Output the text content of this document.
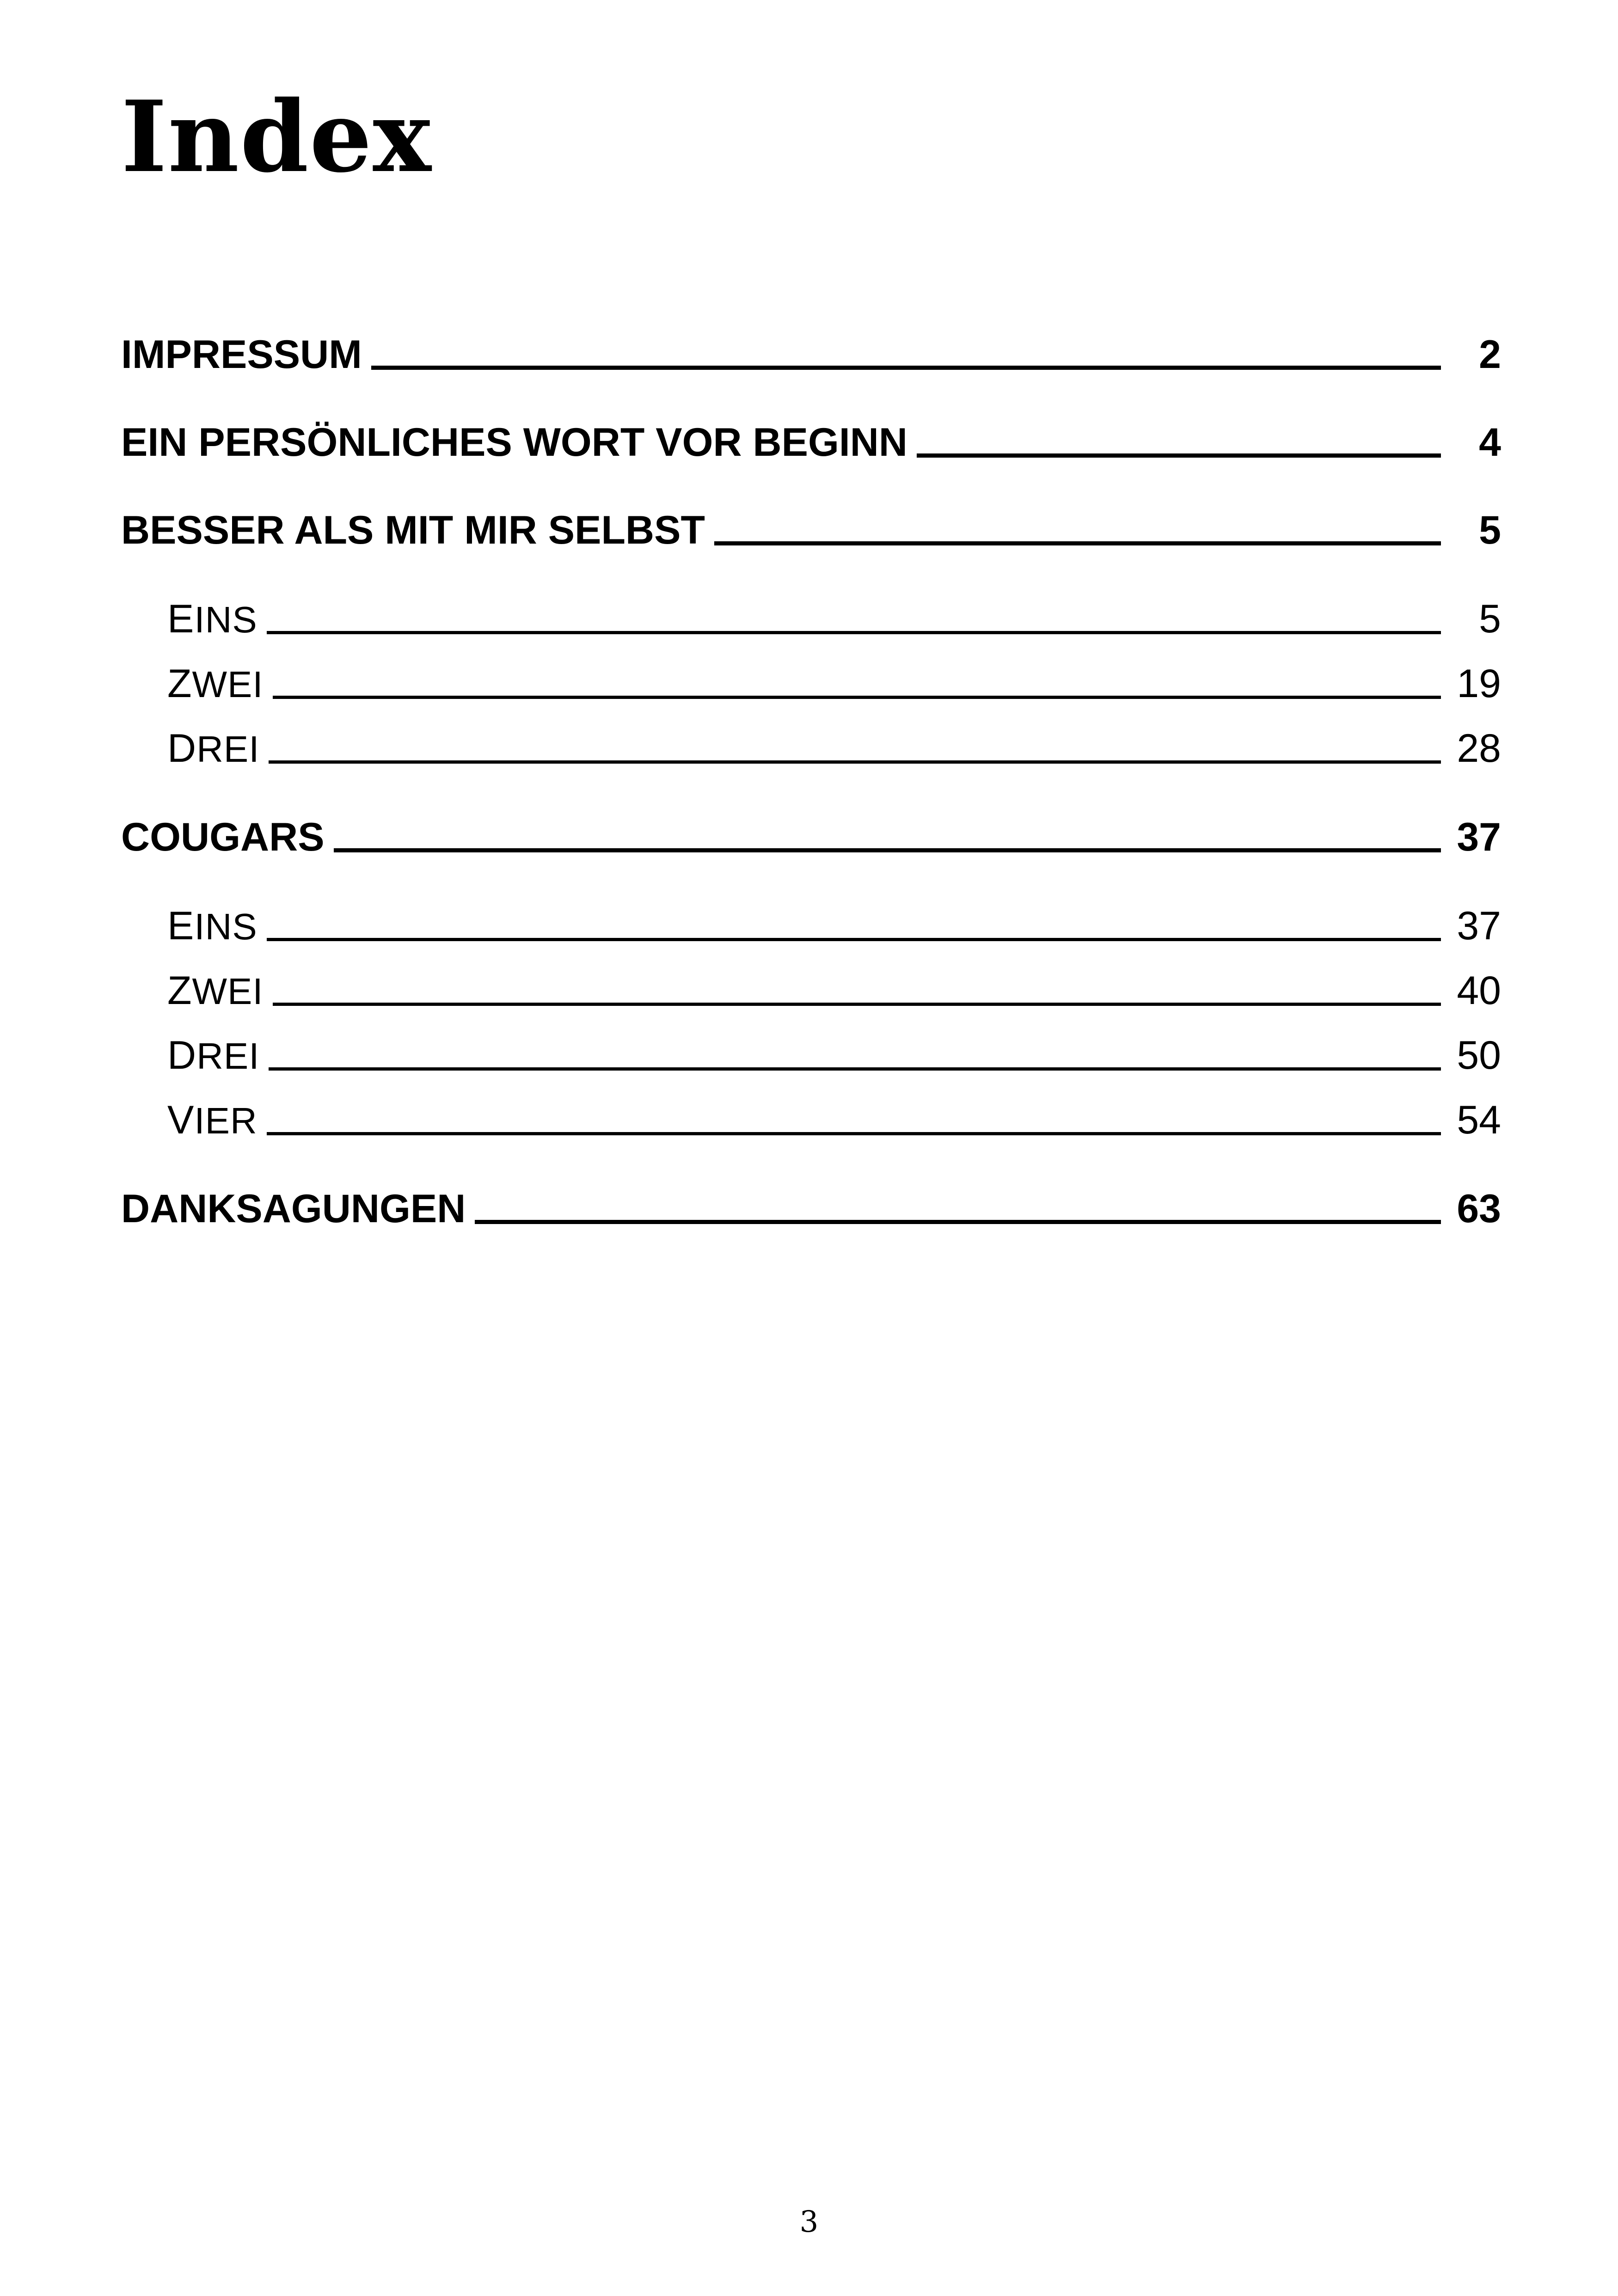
Index
IMPRESSUM	2
EIN PERSÖNLICHES WORT VOR BEGINN	4
BESSER ALS MIT MIR SELBST	5
EINS	5
ZWEI	19
DREI	28
COUGARS	37
EINS	37
ZWEI	40
DREI	50
VIER	54
DANKSAGUNGEN	63
3
